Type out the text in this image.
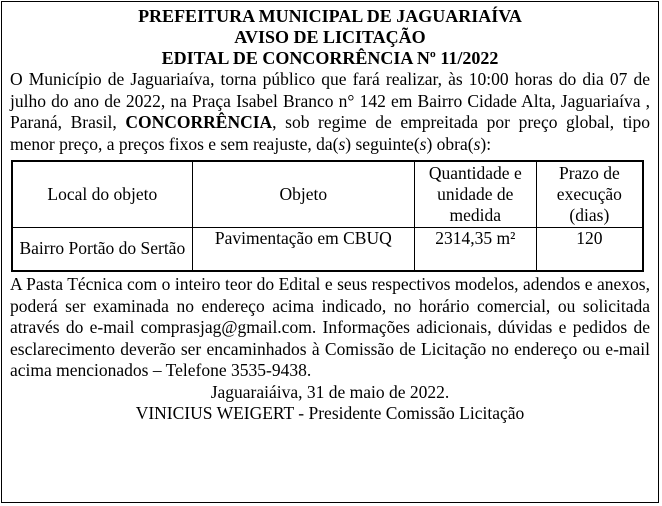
PREFEITURA MUNICIPAL DE JAGUARIAÍVA
AVISO DE LICITAÇÃO
EDITAL DE CONCORRÊNCIA Nº 11/2022

O Município de Jaguariaíva, torna público que fará realizar, às 10:00 horas do dia 07 de julho do ano de 2022, na Praça Isabel Branco n° 142 em Bairro Cidade Alta, Jaguariaíva , Paraná, Brasil, CONCORRÊNCIA, sob regime de empreitada por preço global, tipo menor preço, a preços fixos e sem reajuste, da(s) seguinte(s) obra(s):

Local do objeto	Objeto	Quantidade e unidade de medida	Prazo de execução (dias)
Bairro Portão do Sertão	Pavimentação em CBUQ	2314,35 m²	120

A Pasta Técnica com o inteiro teor do Edital e seus respectivos modelos, adendos e anexos, poderá ser examinada no endereço acima indicado, no horário comercial, ou solicitada através do e-mail comprasjag@gmail.com. Informações adicionais, dúvidas e pedidos de esclarecimento deverão ser encaminhados à Comissão de Licitação no endereço ou e-mail acima mencionados – Telefone 3535-9438.

Jaguaraiáiva, 31 de maio de 2022.
VINICIUS WEIGERT - Presidente Comissão Licitação
